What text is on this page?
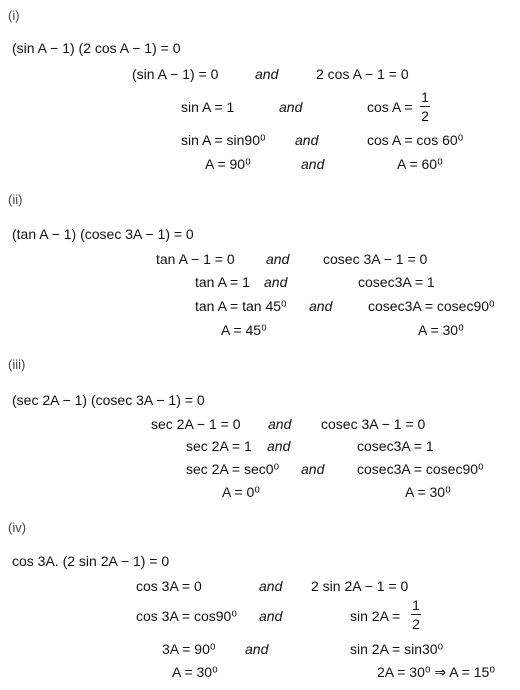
(i)
(sin A − 1) (2 cos A − 1) = 0
(sin A − 1) = 0	and	2 cos A − 1 = 0
sin A = 1	and	cos A =
1
2
sin A = sin90⁰ and	cos A = cos 60⁰
A = 90⁰	and	A = 60⁰
(ii)
(tan A − 1) (cosec 3A − 1) = 0
tan A − 1 = 0 and cosec 3A − 1 = 0
tan A = 1 and	cosec3A = 1
tan A = tan 45⁰ and	cosec3A = cosec90⁰
A = 45⁰	A = 30⁰
(iii)
(sec 2A − 1) (cosec 3A − 1) = 0
sec 2A − 1 = 0 and cosec 3A − 1 = 0
sec 2A = 1 and	cosec3A = 1
sec 2A = sec0⁰ and cosec3A = cosec90⁰
A = 0⁰	A = 30⁰
(iv)
cos 3A. (2 sin 2A − 1) = 0
cos 3A = 0	and 2 sin 2A − 1 = 0
cos 3A = cos90⁰ and	sin 2A =
1
2
3A = 90⁰ and	sin 2A = sin30⁰
A = 30⁰	2A = 30⁰ ⇒ A = 15⁰
